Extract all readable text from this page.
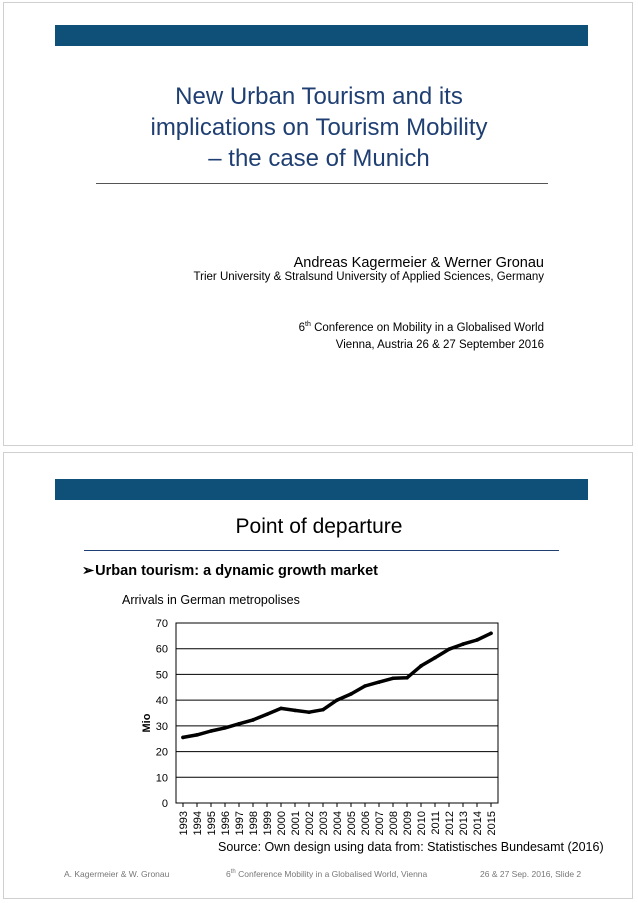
New Urban Tourism and its
implications on Tourism Mobility
– the case of Munich
Andreas Kagermeier & Werner Gronau
Trier University & Stralsund University of Applied Sciences, Germany
6th Conference on Mobility in a Globalised World
Vienna, Austria 26 & 27 September 2016
Point of departure
➢Urban tourism: a dynamic growth market
Arrivals in German metropolises
0
10
20
30
40
50
60
70
1993 1994 1995 1996 1997 1998 1999 2000 2001 2002 2003 2004 2005 2006 2007 2008 2009 2010 2011 2012 2013 2014 2015
Mio
Source: Own design using data from: Statistisches Bundesamt (2016)
A. Kagermeier & W. Gronau	6th Conference Mobility in a Globalised World, Vienna	26 & 27 Sep. 2016, Slide 2
